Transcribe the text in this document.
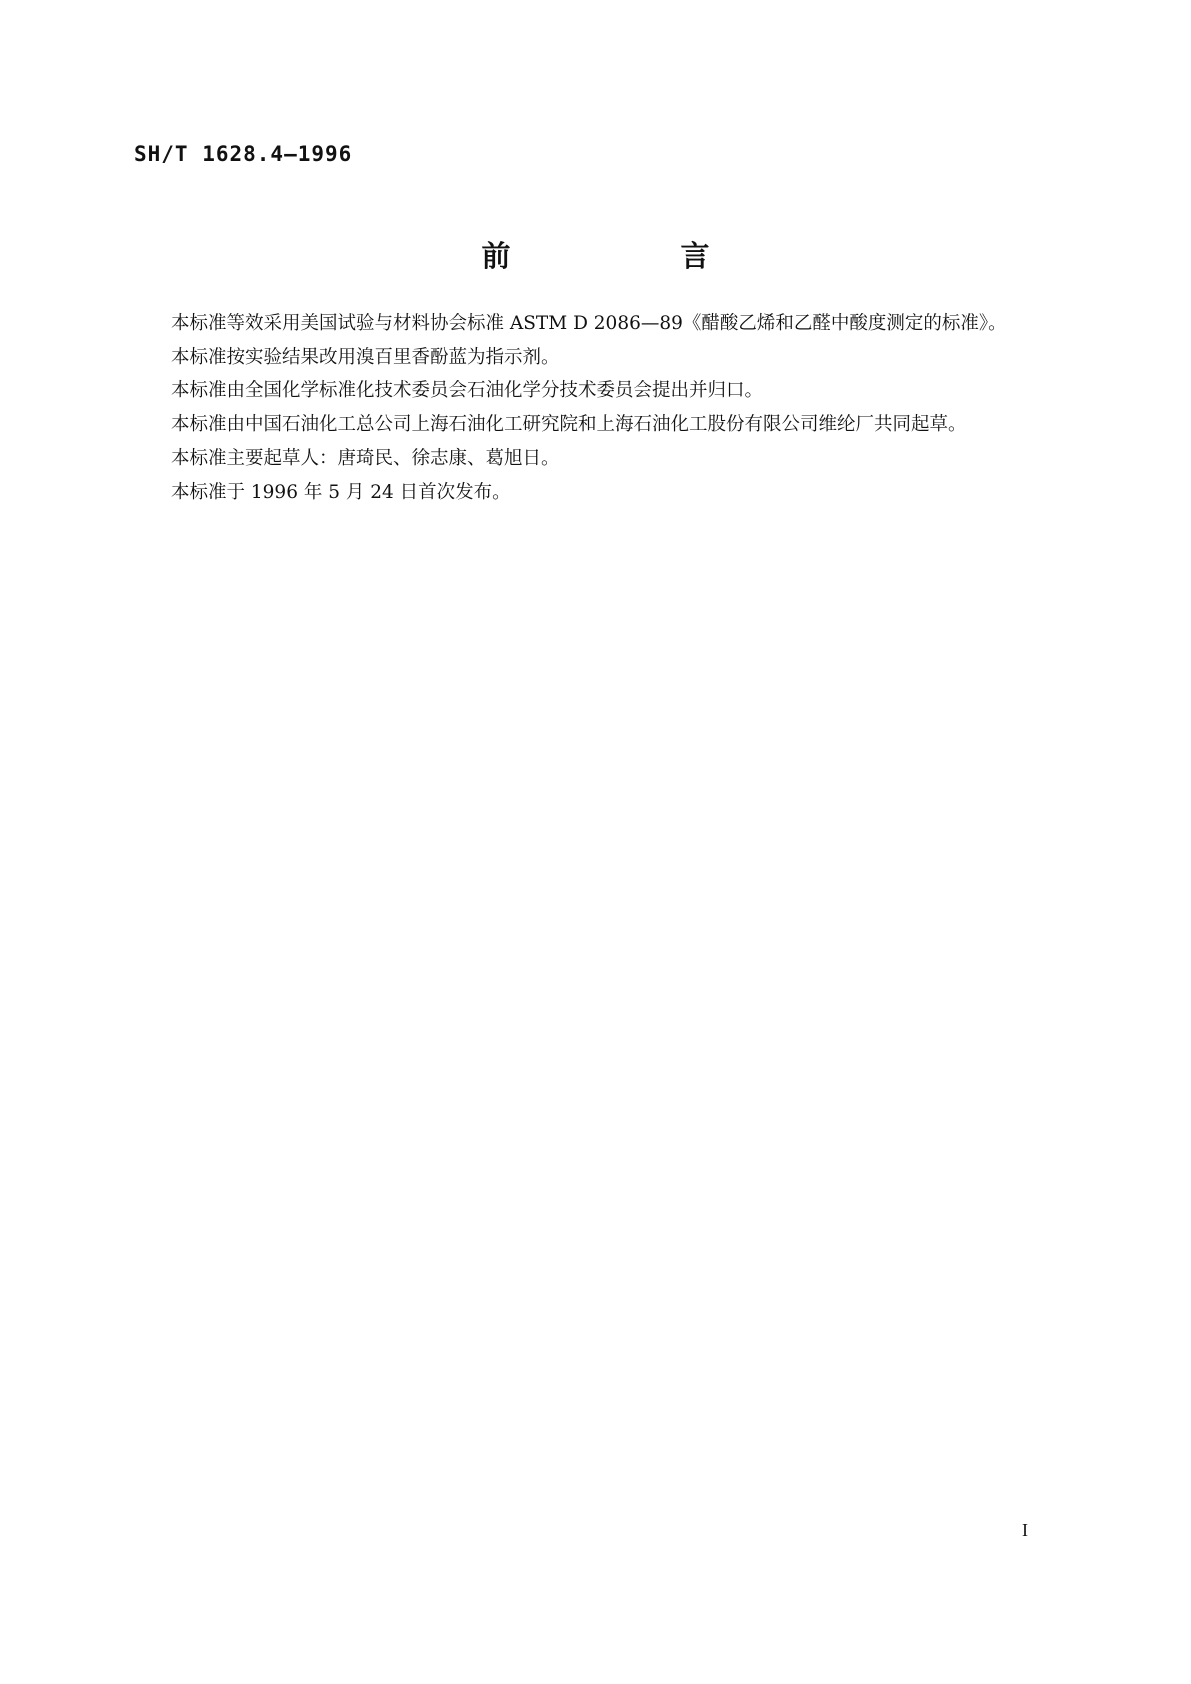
SH/T 1628.4—1996
前 言

本标准等效采用美国试验与材料协会标准 ASTM D 2086—89《醋酸乙烯和乙醛中酸度测定的标准》。

本标准按实验结果改用溴百里香酚蓝为指示剂。

本标准由全国化学标准化技术委员会石油化学分技术委员会提出并归口。

本标准由中国石油化工总公司上海石油化工研究院和上海石油化工股份有限公司维纶厂共同起草。

本标准主要起草人：唐琦民、徐志康、葛旭日。

本标准于 1996 年 5 月 24 日首次发布。

I
